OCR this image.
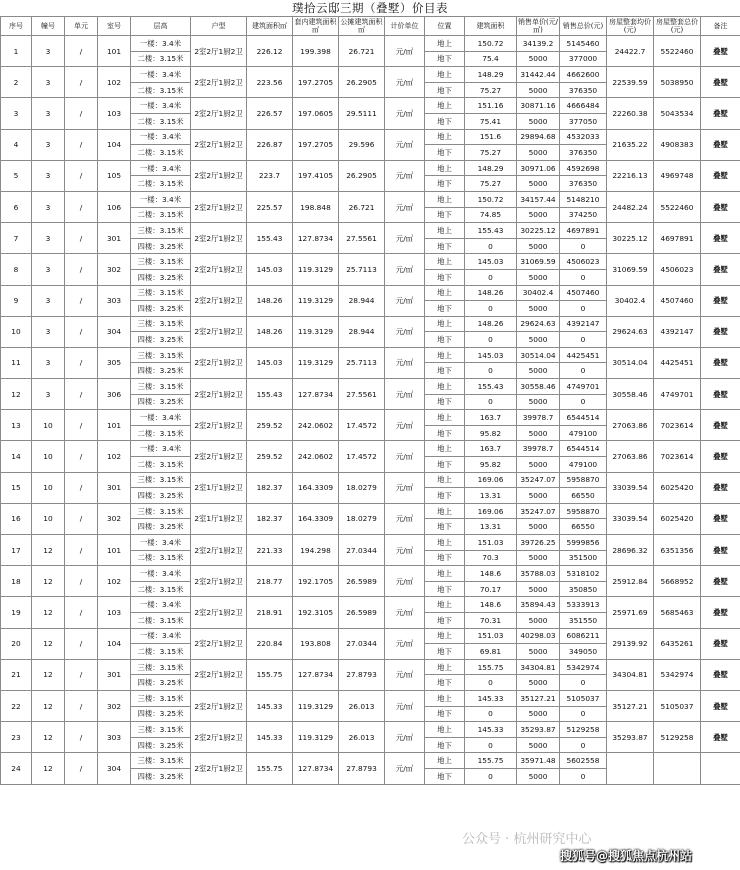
璞拾云邸三期（叠墅）价目表
序号	幢号	单元	室号	层高	户型	建筑面积㎡	套内建筑面积㎡	公摊建筑面积㎡	计价单位	位置	建筑面积	销售单价(元/㎡)	销售总价(元)	房屋整套均价(元)	房屋整套总价(元)	备注
1	3	/	101	一楼：3.4米	2室2厅1厨2卫	226.12	199.398	26.721	元/㎡	地上	150.72	34139.2	5145460	24422.7	5522460	叠墅
				二楼：3.15米						地下	75.4	5000	377000			
2	3	/	102	一楼：3.4米	2室2厅1厨2卫	223.56	197.2705	26.2905	元/㎡	地上	148.29	31442.44	4662600	22539.59	5038950	叠墅
				二楼：3.15米						地下	75.27	5000	376350			
3	3	/	103	一楼：3.4米	2室2厅1厨2卫	226.57	197.0605	29.5111	元/㎡	地上	151.16	30871.16	4666484	22260.38	5043534	叠墅
				二楼：3.15米						地下	75.41	5000	377050			
4	3	/	104	一楼：3.4米	2室2厅1厨2卫	226.87	197.2705	29.596	元/㎡	地上	151.6	29894.68	4532033	21635.22	4908383	叠墅
				二楼：3.15米						地下	75.27	5000	376350			
5	3	/	105	一楼：3.4米	2室2厅1厨2卫	223.7	197.4105	26.2905	元/㎡	地上	148.29	30971.06	4592698	22216.13	4969748	叠墅
				二楼：3.15米						地下	75.27	5000	376350			
6	3	/	106	一楼：3.4米	2室2厅1厨2卫	225.57	198.848	26.721	元/㎡	地上	150.72	34157.44	5148210	24482.24	5522460	叠墅
				二楼：3.15米						地下	74.85	5000	374250			
7	3	/	301	三楼：3.15米	2室2厅1厨2卫	155.43	127.8734	27.5561	元/㎡	地上	155.43	30225.12	4697891	30225.12	4697891	叠墅
				四楼：3.25米						地下	0	5000	0			
8	3	/	302	三楼：3.15米	2室2厅1厨2卫	145.03	119.3129	25.7113	元/㎡	地上	145.03	31069.59	4506023	31069.59	4506023	叠墅
				四楼：3.25米						地下	0	5000	0			
9	3	/	303	三楼：3.15米	2室2厅1厨2卫	148.26	119.3129	28.944	元/㎡	地上	148.26	30402.4	4507460	30402.4	4507460	叠墅
				四楼：3.25米						地下	0	5000	0			
10	3	/	304	三楼：3.15米	2室2厅1厨2卫	148.26	119.3129	28.944	元/㎡	地上	148.26	29624.63	4392147	29624.63	4392147	叠墅
				四楼：3.25米						地下	0	5000	0			
11	3	/	305	三楼：3.15米	2室2厅1厨2卫	145.03	119.3129	25.7113	元/㎡	地上	145.03	30514.04	4425451	30514.04	4425451	叠墅
				四楼：3.25米						地下	0	5000	0			
12	3	/	306	三楼：3.15米	2室2厅1厨2卫	155.43	127.8734	27.5561	元/㎡	地上	155.43	30558.46	4749701	30558.46	4749701	叠墅
				四楼：3.25米						地下	0	5000	0			
13	10	/	101	一楼：3.4米	2室2厅1厨2卫	259.52	242.0602	17.4572	元/㎡	地上	163.7	39978.7	6544514	27063.86	7023614	叠墅
				二楼：3.15米						地下	95.82	5000	479100			
14	10	/	102	一楼：3.4米	2室2厅1厨2卫	259.52	242.0602	17.4572	元/㎡	地上	163.7	39978.7	6544514	27063.86	7023614	叠墅
				二楼：3.15米						地下	95.82	5000	479100			
15	10	/	301	三楼：3.15米	2室1厅1厨2卫	182.37	164.3309	18.0279	元/㎡	地上	169.06	35247.07	5958870	33039.54	6025420	叠墅
				四楼：3.25米						地下	13.31	5000	66550			
16	10	/	302	三楼：3.15米	2室1厅1厨2卫	182.37	164.3309	18.0279	元/㎡	地上	169.06	35247.07	5958870	33039.54	6025420	叠墅
				四楼：3.25米						地下	13.31	5000	66550			
17	12	/	101	一楼：3.4米	2室2厅1厨2卫	221.33	194.298	27.0344	元/㎡	地上	151.03	39726.25	5999856	28696.32	6351356	叠墅
				二楼：3.15米						地下	70.3	5000	351500			
18	12	/	102	一楼：3.4米	2室2厅1厨2卫	218.77	192.1705	26.5989	元/㎡	地上	148.6	35788.03	5318102	25912.84	5668952	叠墅
				二楼：3.15米						地下	70.17	5000	350850			
19	12	/	103	一楼：3.4米	2室2厅1厨2卫	218.91	192.3105	26.5989	元/㎡	地上	148.6	35894.43	5333913	25971.69	5685463	叠墅
				二楼：3.15米						地下	70.31	5000	351550			
20	12	/	104	一楼：3.4米	2室2厅1厨2卫	220.84	193.808	27.0344	元/㎡	地上	151.03	40298.03	6086211	29139.92	6435261	叠墅
				二楼：3.15米						地下	69.81	5000	349050			
21	12	/	301	三楼：3.15米	2室2厅1厨2卫	155.75	127.8734	27.8793	元/㎡	地上	155.75	34304.81	5342974	34304.81	5342974	叠墅
				四楼：3.25米						地下	0	5000	0			
22	12	/	302	三楼：3.15米	2室2厅1厨2卫	145.33	119.3129	26.013	元/㎡	地上	145.33	35127.21	5105037	35127.21	5105037	叠墅
				四楼：3.25米						地下	0	5000	0			
23	12	/	303	三楼：3.15米	2室2厅1厨2卫	145.33	119.3129	26.013	元/㎡	地上	145.33	35293.87	5129258	35293.87	5129258	叠墅
				四楼：3.25米						地下	0	5000	0			
24	12	/	304	三楼：3.15米	2室2厅1厨2卫	155.75	127.8734	27.8793	元/㎡	地上	155.75	35971.48	5602558			
				四楼：3.25米						地下	0	5000	0			
公众号 · 杭州研究中心
搜狐号@搜狐焦点杭州站
